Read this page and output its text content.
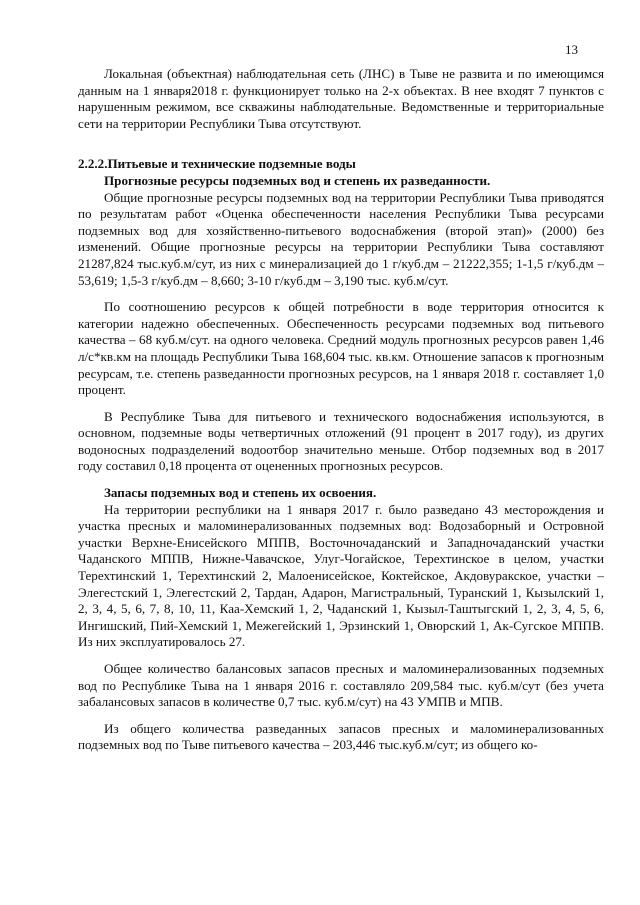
13

Локальная (объектная) наблюдательная сеть (ЛНС) в Тыве не развита и по имеющимся данным на 1 января2018 г. функционирует только на 2-х объектах. В нее входят 7 пунктов с нарушенным режимом, все скважины наблюдательные. Ведомственные и территориальные сети на территории Республики Тыва отсутствуют.

2.2.2.Питьевые и технические подземные воды

Прогнозные ресурсы подземных вод и степень их разведанности.

Общие прогнозные ресурсы подземных вод на территории Республики Тыва приводятся по результатам работ «Оценка обеспеченности населения Республики Тыва ресурсами подземных вод для хозяйственно-питьевого водоснабжения (второй этап)» (2000) без изменений. Общие прогнозные ресурсы на территории Республики Тыва составляют 21287,824 тыс.куб.м/сут, из них с минерализацией до 1 г/куб.дм – 21222,355; 1-1,5 г/куб.дм – 53,619; 1,5-3 г/куб.дм – 8,660; 3-10 г/куб.дм – 3,190 тыс. куб.м/сут.

По соотношению ресурсов к общей потребности в воде территория относится к категории надежно обеспеченных. Обеспеченность ресурсами подземных вод питьевого качества – 68 куб.м/сут. на одного человека. Средний модуль прогнозных ресурсов равен 1,46 л/с*кв.км на площадь Республики Тыва 168,604 тыс. кв.км. Отношение запасов к прогнозным ресурсам, т.е. степень разведанности прогнозных ресурсов, на 1 января 2018 г. составляет 1,0 процент.

В Республике Тыва для питьевого и технического водоснабжения используются, в основном, подземные воды четвертичных отложений (91 процент в 2017 году), из других водоносных подразделений водоотбор значительно меньше. Отбор подземных вод в 2017 году составил 0,18 процента от оцененных прогнозных ресурсов.

Запасы подземных вод и степень их освоения.

На территории республики на 1 января 2017 г. было разведано 43 месторождения и участка пресных и маломинерализованных подземных вод: Водозаборный и Островной участки Верхне-Енисейского МППВ, Восточночаданский и Западночаданский участки Чаданского МППВ, Нижне-Чавачское, Улуг-Чогайское, Терехтинское в целом, участки Терехтинский 1, Терехтинский 2, Малоенисейское, Коктейское, Акдовуракское, участки – Элегестский 1, Элегестский 2, Тардан, Адарон, Магистральный, Туранский 1, Кызылский 1, 2, 3, 4, 5, 6, 7, 8, 10, 11, Каа-Хемский 1, 2, Чаданский 1, Кызыл-Таштыгский 1, 2, 3, 4, 5, 6, Ингишский, Пий-Хемский 1, Межегейский 1, Эрзинский 1, Овюрский 1, Ак-Сугское МППВ. Из них эксплуатировалось 27.

Общее количество балансовых запасов пресных и маломинерализованных подземных вод по Республике Тыва на 1 января 2016 г. составляло 209,584 тыс. куб.м/сут (без учета забалансовых запасов в количестве 0,7 тыс. куб.м/сут) на 43 УМПВ и МПВ.

Из общего количества разведанных запасов пресных и маломинерализованных подземных вод по Тыве питьевого качества – 203,446 тыс.куб.м/сут; из общего ко-
